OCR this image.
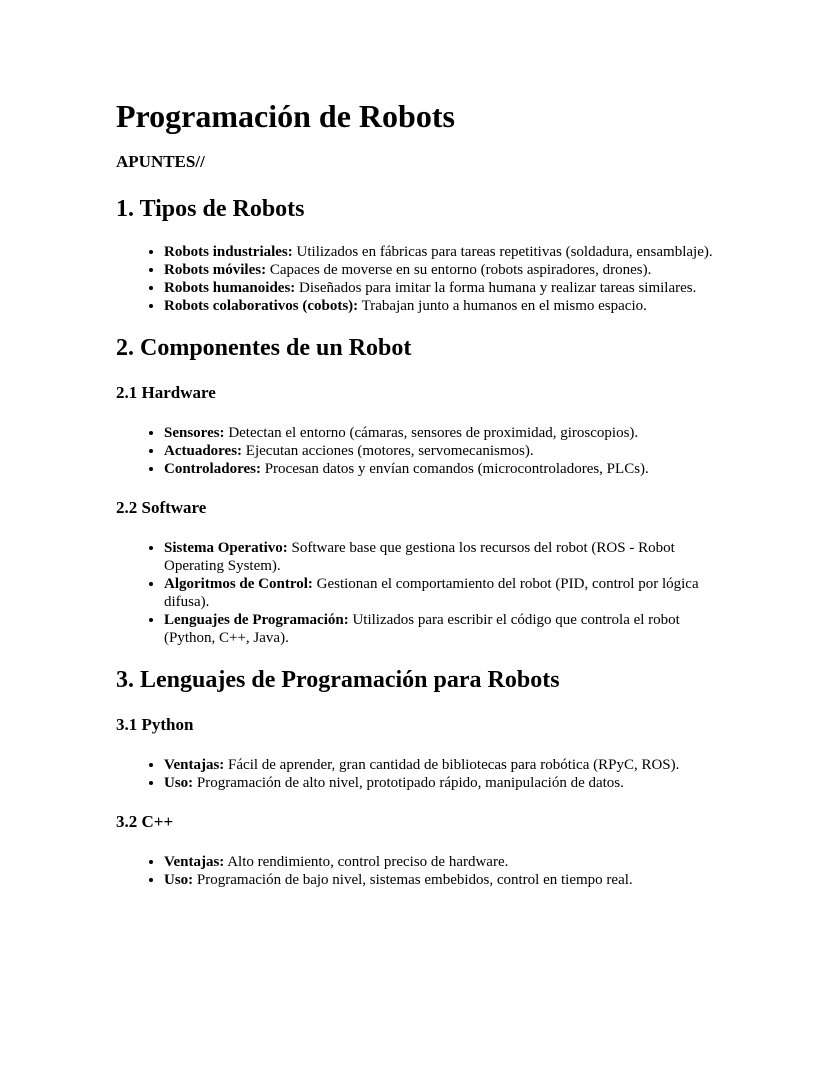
Programación de Robots
APUNTES//
1. Tipos de Robots
• Robots industriales: Utilizados en fábricas para tareas repetitivas (soldadura, ensamblaje).
• Robots móviles: Capaces de moverse en su entorno (robots aspiradores, drones).
• Robots humanoides: Diseñados para imitar la forma humana y realizar tareas similares.
• Robots colaborativos (cobots): Trabajan junto a humanos en el mismo espacio.
2. Componentes de un Robot
2.1 Hardware
• Sensores: Detectan el entorno (cámaras, sensores de proximidad, giroscopios).
• Actuadores: Ejecutan acciones (motores, servomecanismos).
• Controladores: Procesan datos y envían comandos (microcontroladores, PLCs).
2.2 Software
• Sistema Operativo: Software base que gestiona los recursos del robot (ROS - Robot Operating System).
• Algoritmos de Control: Gestionan el comportamiento del robot (PID, control por lógica difusa).
• Lenguajes de Programación: Utilizados para escribir el código que controla el robot (Python, C++, Java).
3. Lenguajes de Programación para Robots
3.1 Python
• Ventajas: Fácil de aprender, gran cantidad de bibliotecas para robótica (RPyC, ROS).
• Uso: Programación de alto nivel, prototipado rápido, manipulación de datos.
3.2 C++
• Ventajas: Alto rendimiento, control preciso de hardware.
• Uso: Programación de bajo nivel, sistemas embebidos, control en tiempo real.
